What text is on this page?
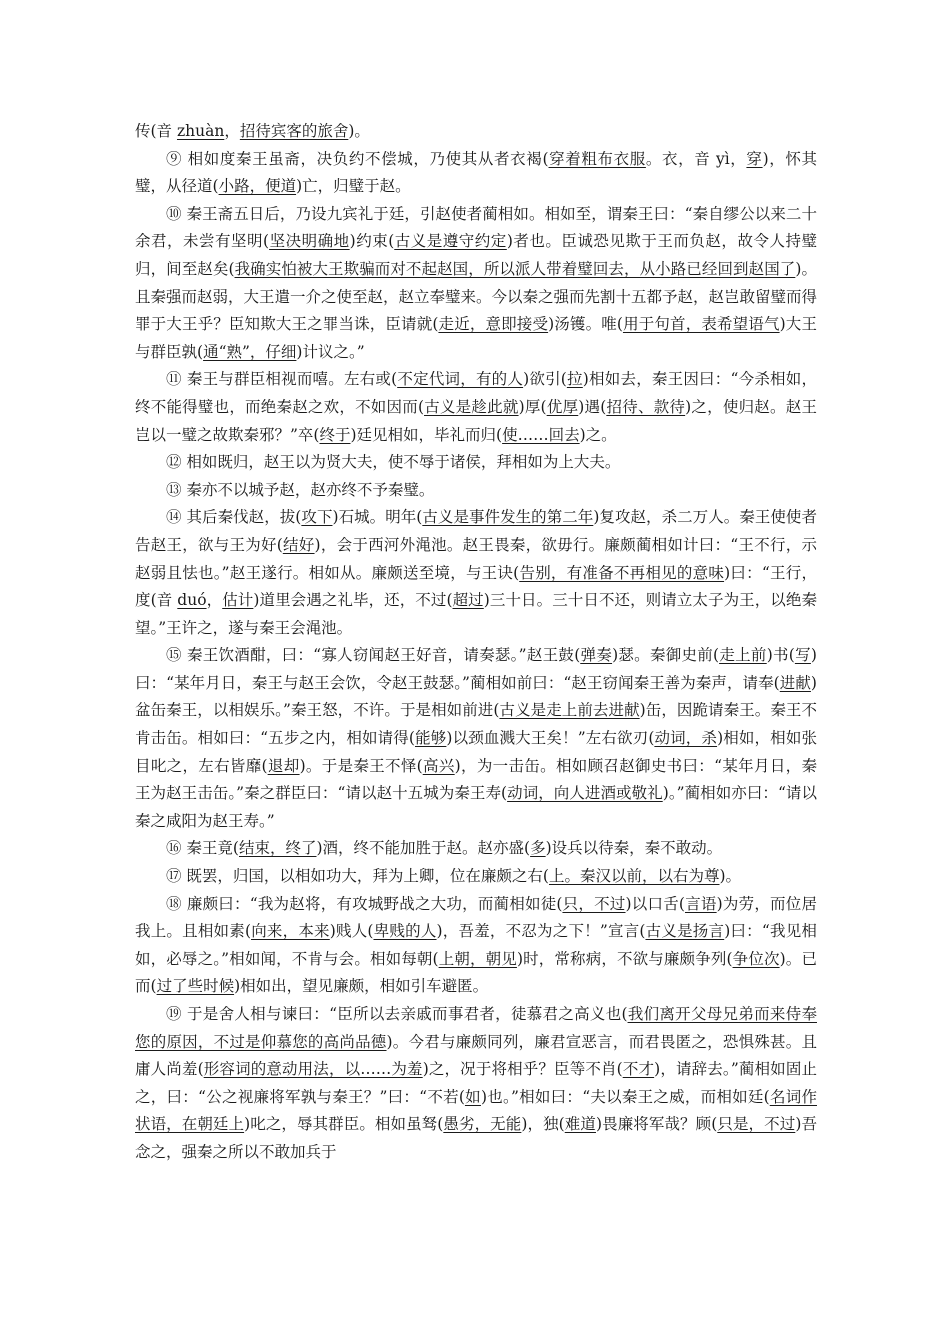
传(音 zhuàn，招待宾客的旅舍)。

⑨ 相如度秦王虽斋，决负约不偿城，乃使其从者衣褐(穿着粗布衣服。衣，音 yì，穿)，怀其璧，从径道(小路，便道)亡，归璧于赵。

⑩ 秦王斋五日后，乃设九宾礼于廷，引赵使者蔺相如。相如至，谓秦王曰：“秦自缪公以来二十余君，未尝有坚明(坚决明确地)约束(古义是遵守约定)者也。臣诚恐见欺于王而负赵，故令人持璧归，间至赵矣(我确实怕被大王欺骗而对不起赵国，所以派人带着璧回去，从小路已经回到赵国了)。且秦强而赵弱，大王遣一介之使至赵，赵立奉璧来。今以秦之强而先割十五都予赵，赵岂敢留璧而得罪于大王乎？臣知欺大王之罪当诛，臣请就(走近，意即接受)汤镬。唯(用于句首，表希望语气)大王与群臣孰(通“熟”，仔细)计议之。”

⑪ 秦王与群臣相视而嘻。左右或(不定代词，有的人)欲引(拉)相如去，秦王因曰：“今杀相如，终不能得璧也，而绝秦赵之欢，不如因而(古义是趁此就)厚(优厚)遇(招待、款待)之，使归赵。赵王岂以一璧之故欺秦邪？”卒(终于)廷见相如，毕礼而归(使……回去)之。

⑫ 相如既归，赵王以为贤大夫，使不辱于诸侯，拜相如为上大夫。

⑬ 秦亦不以城予赵，赵亦终不予秦璧。

⑭ 其后秦伐赵，拔(攻下)石城。明年(古义是事件发生的第二年)复攻赵，杀二万人。秦王使使者告赵王，欲与王为好(结好)，会于西河外渑池。赵王畏秦，欲毋行。廉颇蔺相如计曰：“王不行，示赵弱且怯也。”赵王遂行。相如从。廉颇送至境，与王诀(告别，有准备不再相见的意味)曰：“王行，度(音 duó，估计)道里会遇之礼毕，还，不过(超过)三十日。三十日不还，则请立太子为王，以绝秦望。”王许之，遂与秦王会渑池。

⑮ 秦王饮酒酣，曰：“寡人窃闻赵王好音，请奏瑟。”赵王鼓(弹奏)瑟。秦御史前(走上前)书(写)曰：“某年月日，秦王与赵王会饮，令赵王鼓瑟。”蔺相如前曰：“赵王窃闻秦王善为秦声，请奉(进献)盆缶秦王，以相娱乐。”秦王怒，不许。于是相如前进(古义是走上前去进献)缶，因跪请秦王。秦王不肯击缶。相如曰：“五步之内，相如请得(能够)以颈血溅大王矣！”左右欲刃(动词，杀)相如，相如张目叱之，左右皆靡(退却)。于是秦王不怿(高兴)，为一击缶。相如顾召赵御史书曰：“某年月日，秦王为赵王击缶。”秦之群臣曰：“请以赵十五城为秦王寿(动词，向人进酒或敬礼)。”蔺相如亦曰：“请以秦之咸阳为赵王寿。”

⑯ 秦王竟(结束，终了)酒，终不能加胜于赵。赵亦盛(多)设兵以待秦，秦不敢动。

⑰ 既罢，归国，以相如功大，拜为上卿，位在廉颇之右(上。秦汉以前，以右为尊)。

⑱ 廉颇曰：“我为赵将，有攻城野战之大功，而蔺相如徒(只，不过)以口舌(言语)为劳，而位居我上。且相如素(向来，本来)贱人(卑贱的人)，吾羞，不忍为之下！”宣言(古义是扬言)曰：“我见相如，必辱之。”相如闻，不肯与会。相如每朝(上朝，朝见)时，常称病，不欲与廉颇争列(争位次)。已而(过了些时候)相如出，望见廉颇，相如引车避匿。

⑲ 于是舍人相与谏曰：“臣所以去亲戚而事君者，徒慕君之高义也(我们离开父母兄弟而来侍奉您的原因，不过是仰慕您的高尚品德)。今君与廉颇同列，廉君宣恶言，而君畏匿之，恐惧殊甚。且庸人尚羞(形容词的意动用法，以……为羞)之，况于将相乎？臣等不肖(不才)，请辞去。”蔺相如固止之，曰：“公之视廉将军孰与秦王？”曰：“不若(如)也。”相如曰：“夫以秦王之威，而相如廷(名词作状语，在朝廷上)叱之，辱其群臣。相如虽驽(愚劣，无能)，独(难道)畏廉将军哉？顾(只是，不过)吾念之，强秦之所以不敢加兵于
